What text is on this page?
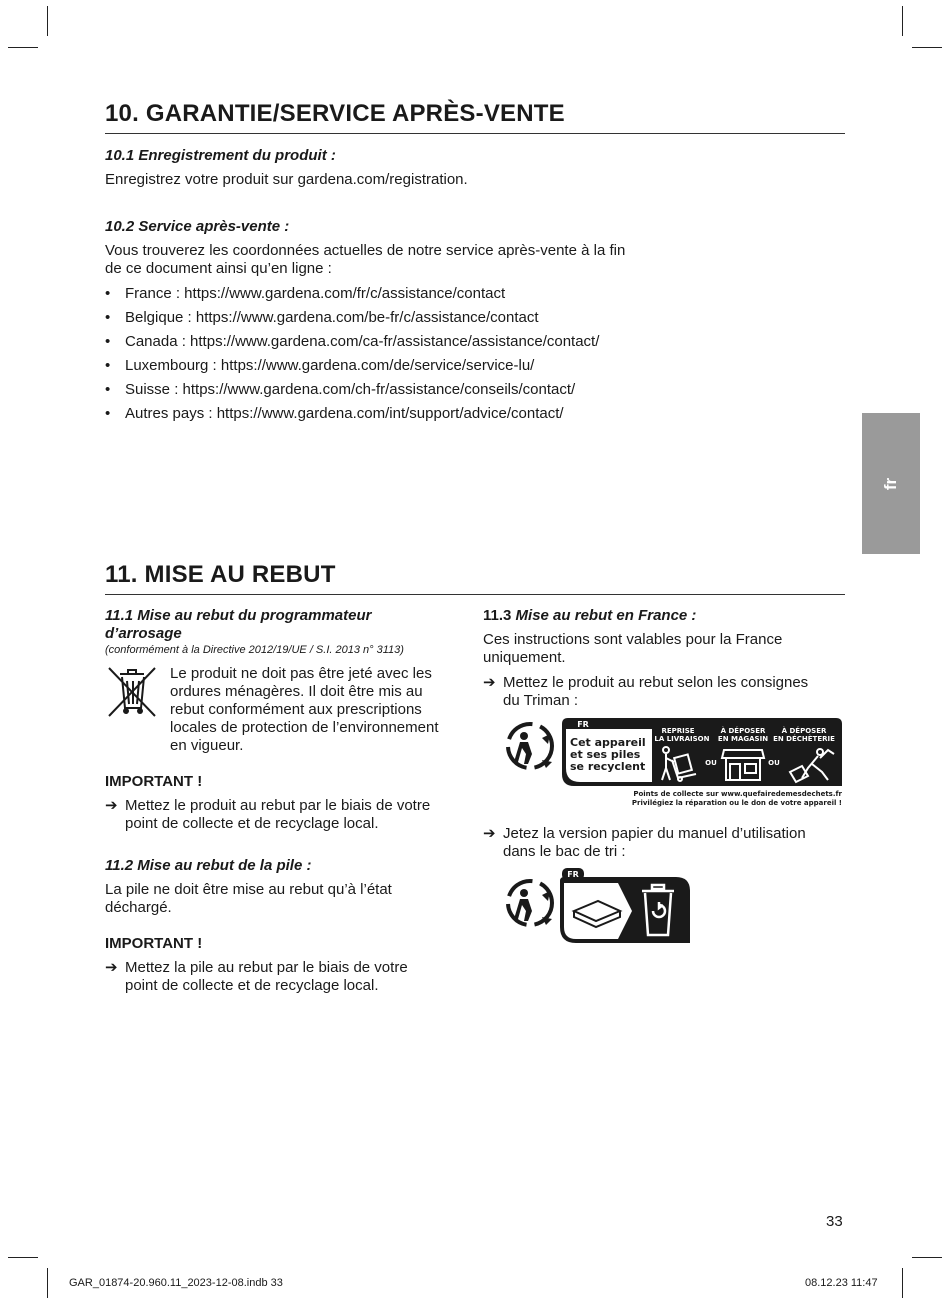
10. GARANTIE/SERVICE APRÈS-VENTE

10.1 Enregistrement du produit :

Enregistrez votre produit sur gardena.com/registration.

10.2 Service après-vente :

Vous trouverez les coordonnées actuelles de notre service après-vente à la fin

de ce document ainsi qu’en ligne :

• France : https://www.gardena.com/fr/c/assistance/contact
• Belgique : https://www.gardena.com/be-fr/c/assistance/contact
• Canada : https://www.gardena.com/ca-fr/assistance/assistance/contact/
• Luxembourg : https://www.gardena.com/de/service/service-lu/
• Suisse : https://www.gardena.com/ch-fr/assistance/conseils/contact/
• Autres pays : https://www.gardena.com/int/support/advice/contact/
fr
11. MISE AU REBUT

11.1 Mise au rebut du programmateur

d’arrosage

(conformément à la Directive 2012/19/UE / S.I. 2013 n° 3113)

Le produit ne doit pas être jeté avec les

ordures ménagères. Il doit être mis au

rebut conformément aux prescriptions

locales de protection de l’environnement

en vigueur.

IMPORTANT !
➔ Mettez le produit au rebut par le biais de votre
point de collecte et de recyclage local.

11.2 Mise au rebut de la pile :

La pile ne doit être mise au rebut qu’à l’état

déchargé.

IMPORTANT !
➔ Mettez la pile au rebut par le biais de votre
point de collecte et de recyclage local.

11.3 Mise au rebut en France :

Ces instructions sont valables pour la France

uniquement.

➔ Mettez le produit au rebut selon les consignes
du Triman :
FR
Cet appareil
et ses piles
se recyclent
REPRISE
À LA LIVRAISON
À DÉPOSER
EN MAGASIN
À DÉPOSER
EN DÉCHÈTERIE
OU	OU
Points de collecte sur www.quefairedemesdechets.fr
Privilégiez la réparation ou le don de votre appareil !
➔ Jetez la version papier du manuel d’utilisation
dans le bac de tri :
FR
33
GAR_01874-20.960.11_2023-12-08.indb 33	08.12.23 11:47
